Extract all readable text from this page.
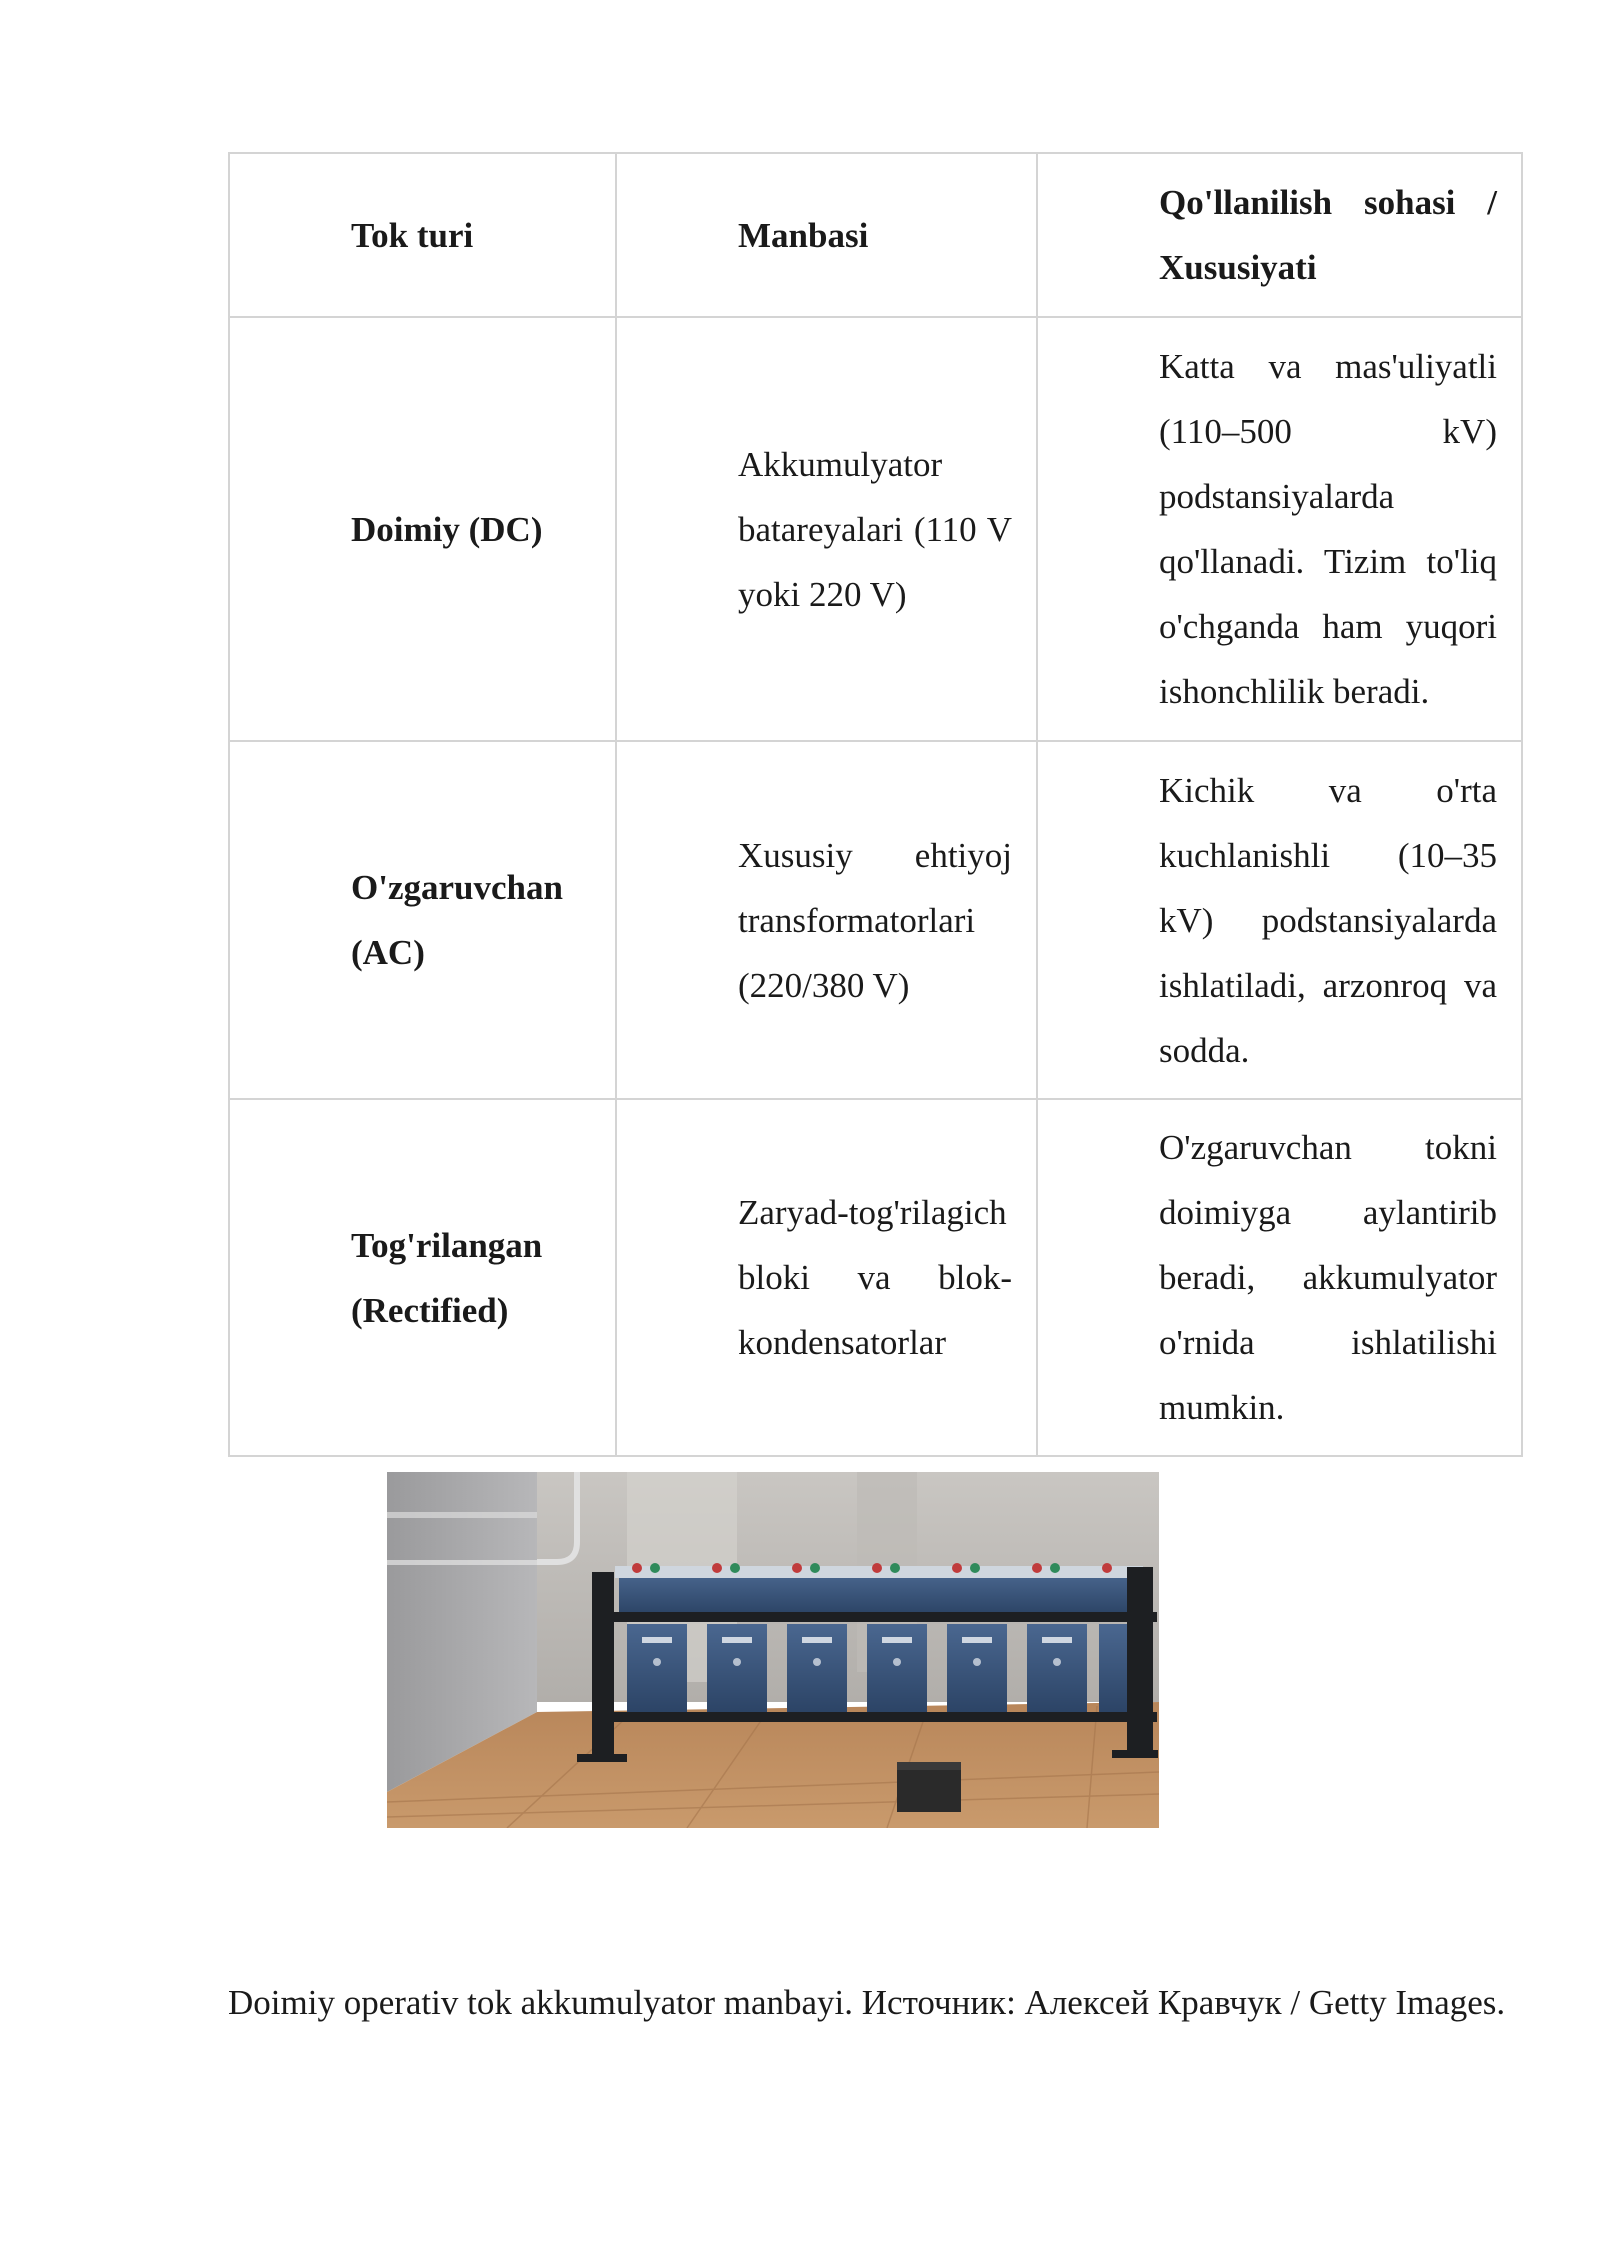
Tok turi	Manbasi	Qo'llanilish sohasi / Xususiyati
Doimiy (DC)	Akkumulyator batareyalari (110 V yoki 220 V)	Katta va mas'uliyatli (110–500 kV) podstansiyalarda qo'llanadi. Tizim to'liq o'chganda ham yuqori ishonchlilik beradi.
O'zgaruvchan (AC)	Xususiy ehtiyoj transformatorlari (220/380 V)	Kichik va o'rta kuchlanishli (10–35 kV) podstansiyalarda ishlatiladi, arzonroq va sodda.
Tog'rilangan (Rectified)	Zaryad-tog'rilagich bloki va blok-kondensatorlar	O'zgaruvchan tokni doimiyga aylantirib beradi, akkumulyator o'rnida ishlatilishi mumkin.
Doimiy operativ tok akkumulyator manbayi. Источник: Алексей Кравчук / Getty Images.
